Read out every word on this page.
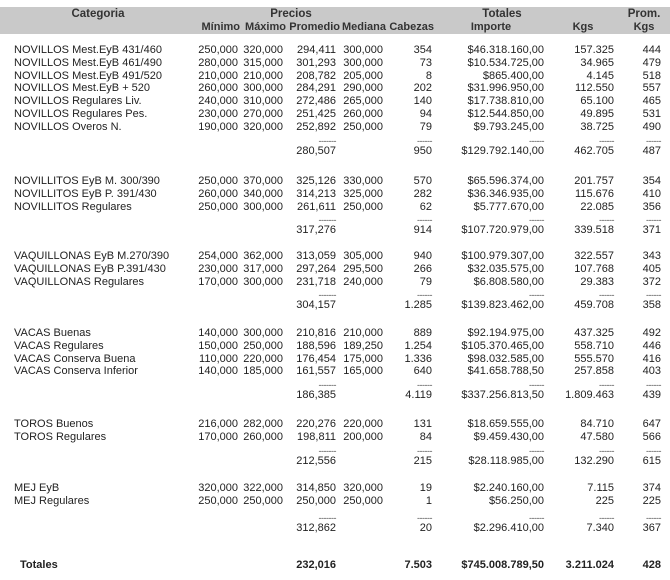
Categoria	Precios	Totales	Prom.
Mínimo Máximo Promedio Mediana Cabezas	Importe	Kgs	Kgs
NOVILLOS Mest.EyB 431/460	250,000 320,000	294,411 300,000	354	$46.318.160,00	157.325	444
NOVILLOS Mest.EyB 461/490	280,000 315,000	301,293 300,000	73	$10.534.725,00	34.965	479
NOVILLOS Mest.EyB 491/520	210,000 210,000	208,782 205,000	8	$865.400,00	4.145	518
NOVILLOS Mest.EyB + 520	260,000 300,000	284,291 290,000	202	$31.996.950,00	112.550	557
NOVILLOS Regulares Liv.	240,000 310,000	272,486 265,000	140	$17.738.810,00	65.100	465
NOVILLOS Regulares Pes.	230,000 270,000	251,425 260,000	94	$12.544.850,00	49.895	531
NOVILLOS Overos N.	190,000 320,000	252,892 250,000	79	$9.793.245,00	38.725	490
-------	------	------	------	------
280,507	950	$129.792.140,00	462.705	487
NOVILLITOS EyB M. 300/390	250,000 370,000	325,126 330,000	570	$65.596.374,00	201.757	354
NOVILLITOS EyB P. 391/430	260,000 340,000	314,213 325,000	282	$36.346.935,00	115.676	410
NOVILLITOS Regulares	250,000 300,000	261,611 250,000	62	$5.777.670,00	22.085	356
-------	------	------	------	------
317,276	914	$107.720.979,00	339.518	371
VAQUILLONAS EyB M.270/390	254,000 362,000	313,059 305,000	940	$100.979.307,00	322.557	343
VAQUILLONAS EyB P.391/430	230,000 317,000	297,264 295,500	266	$32.035.575,00	107.768	405
VAQUILLONAS Regulares	170,000 300,000	231,718 240,000	79	$6.808.580,00	29.383	372
-------	------	------	------	------
304,157	1.285	$139.823.462,00	459.708	358
VACAS Buenas	140,000 300,000	210,816 210,000	889	$92.194.975,00	437.325	492
VACAS Regulares	150,000 250,000	188,596 189,250	1.254	$105.370.465,00	558.710	446
VACAS Conserva Buena	110,000 220,000	176,454 175,000	1.336	$98.032.585,00	555.570	416
VACAS Conserva Inferior	140,000 185,000	161,557 165,000	640	$41.658.788,50	257.858	403
-------	------	------	------	------
186,385	4.119	$337.256.813,50	1.809.463	439
TOROS Buenos	216,000 282,000	220,276 220,000	131	$18.659.555,00	84.710	647
TOROS Regulares	170,000 260,000	198,811 200,000	84	$9.459.430,00	47.580	566
-------	------	------	------	------
212,556	215	$28.118.985,00	132.290	615
MEJ EyB	320,000 322,000	314,850 320,000	19	$2.240.160,00	7.115	374
MEJ Regulares	250,000 250,000	250,000 250,000	1	$56.250,00	225	225
-------	------	------	------	------
312,862	20	$2.296.410,00	7.340	367
Totales	232,016	7.503	$745.008.789,50	3.211.024	428
